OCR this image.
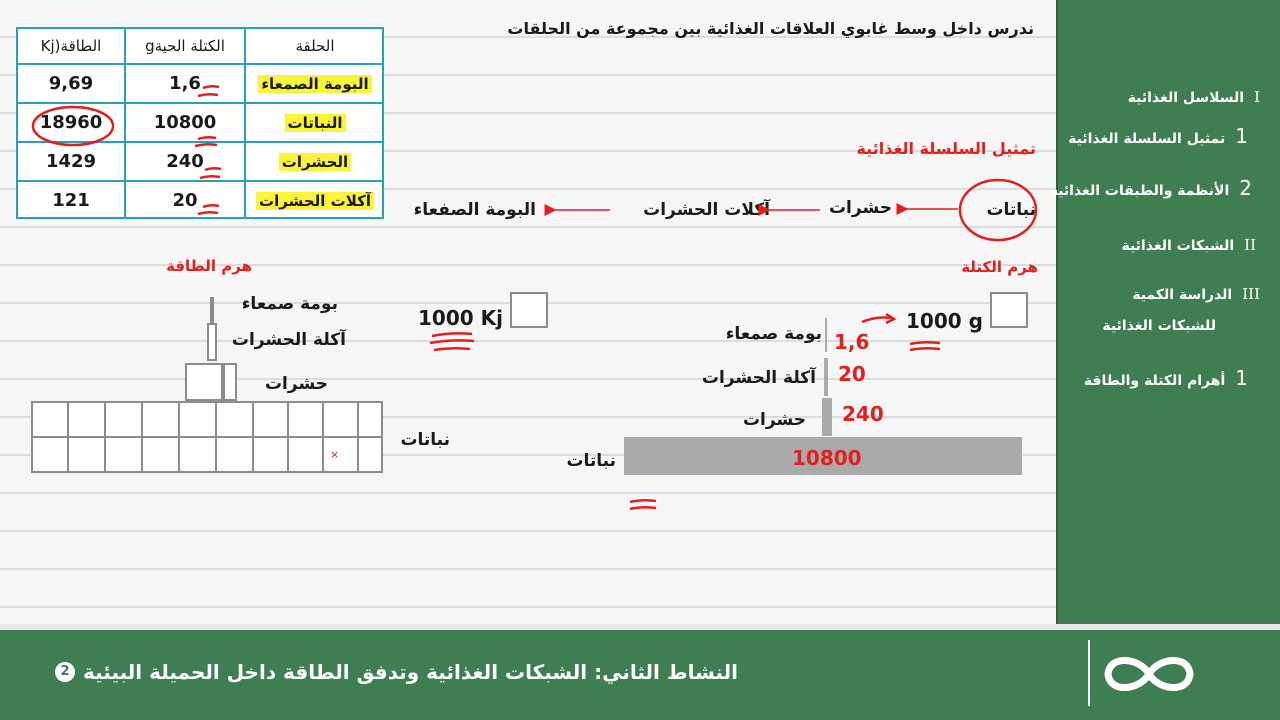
ندرس داخل وسط غابوي العلاقات الغذائية بين مجموعة من الحلقات
الحلقة
الكتلة الحيةg
الطاقة(Kj
البومة الصمعاء
1,6
9,69
النباتات
10800
18960
الحشرات
240
1429
آكلات الحشرات
20
121
تمثيل السلسلة الغذائية
نباتات
حشرات
آكلات الحشرات
البومة الصفعاء
هرم الطاقة
1000 Kj
بومة صمعاء
آكلة الحشرات
حشرات
نباتات
×
هرم الكتلة
1000 g
بومة صمعاء
آكلة الحشرات
حشرات
نباتات
1,6
20
240
10800
Iالسلاسل الغذائية
1تمثيل السلسلة الغذائية
2الأنظمة والطبقات الغذائية
IIالشبكات الغذائية
IIIالدراسة الكمية
للشبكات الغذائية
1أهرام الكتلة والطاقة
النشاط الثاني: الشبكات الغذائية وتدفق الطاقة داخل الحميلة البيئية
2
